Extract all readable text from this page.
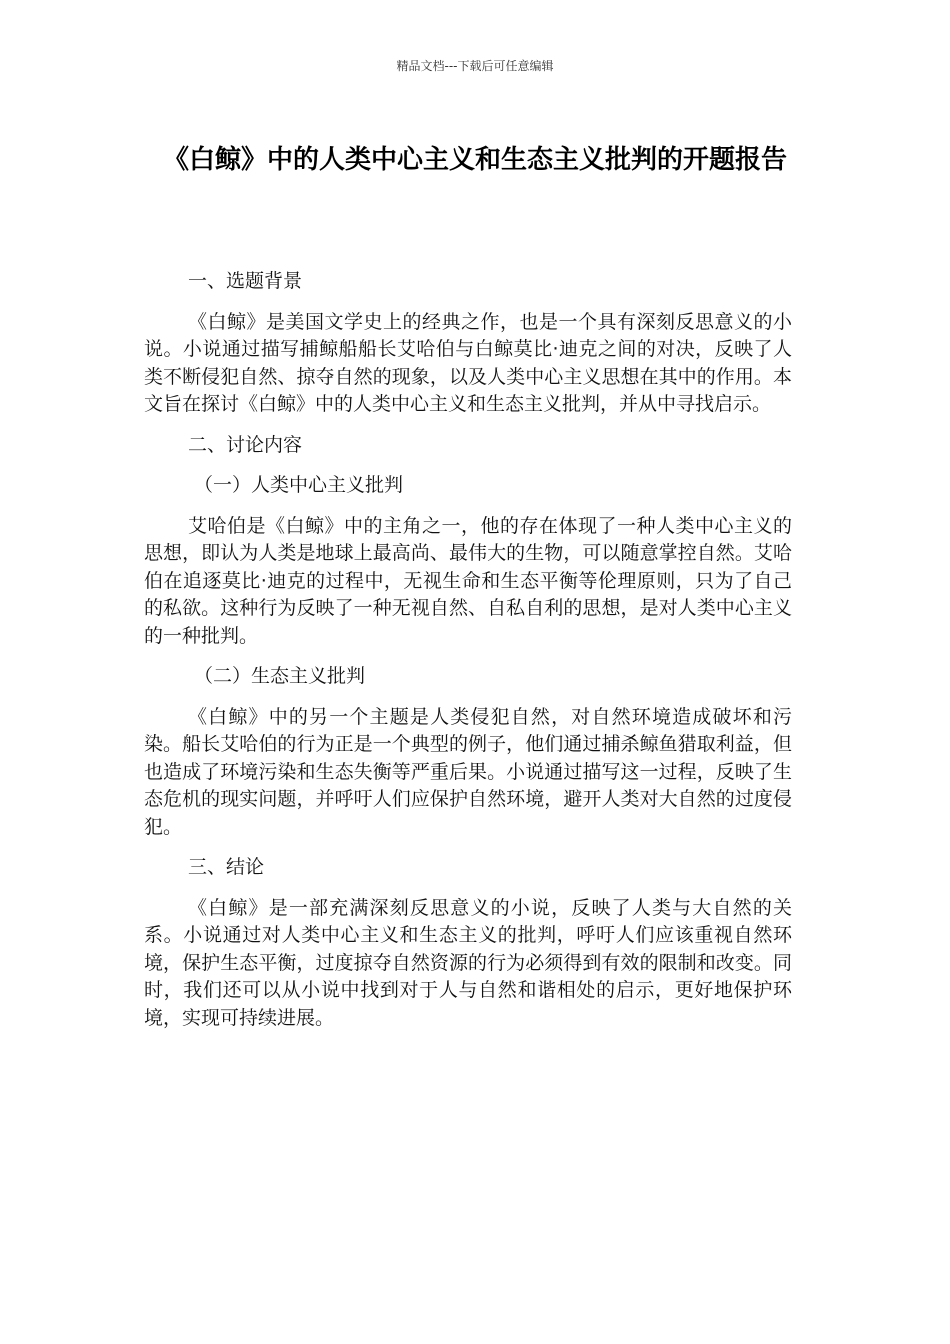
精品文档---下载后可任意编辑
《白鲸》中的人类中心主义和生态主义批判的开题报告
一、选题背景
《白鲸》是美国文学史上的经典之作，也是一个具有深刻反思意义的小说。小说通过描写捕鲸船船长艾哈伯与白鲸莫比·迪克之间的对决，反映了人类不断侵犯自然、掠夺自然的现象，以及人类中心主义思想在其中的作用。本文旨在探讨《白鲸》中的人类中心主义和生态主义批判，并从中寻找启示。
二、讨论内容
（一）人类中心主义批判
艾哈伯是《白鲸》中的主角之一，他的存在体现了一种人类中心主义的思想，即认为人类是地球上最高尚、最伟大的生物，可以随意掌控自然。艾哈伯在追逐莫比·迪克的过程中，无视生命和生态平衡等伦理原则，只为了自己的私欲。这种行为反映了一种无视自然、自私自利的思想，是对人类中心主义的一种批判。
（二）生态主义批判
《白鲸》中的另一个主题是人类侵犯自然，对自然环境造成破坏和污染。船长艾哈伯的行为正是一个典型的例子，他们通过捕杀鲸鱼猎取利益，但也造成了环境污染和生态失衡等严重后果。小说通过描写这一过程，反映了生态危机的现实问题，并呼吁人们应保护自然环境，避开人类对大自然的过度侵犯。
三、结论
《白鲸》是一部充满深刻反思意义的小说，反映了人类与大自然的关系。小说通过对人类中心主义和生态主义的批判，呼吁人们应该重视自然环境，保护生态平衡，过度掠夺自然资源的行为必须得到有效的限制和改变。同时，我们还可以从小说中找到对于人与自然和谐相处的启示，更好地保护环境，实现可持续进展。
